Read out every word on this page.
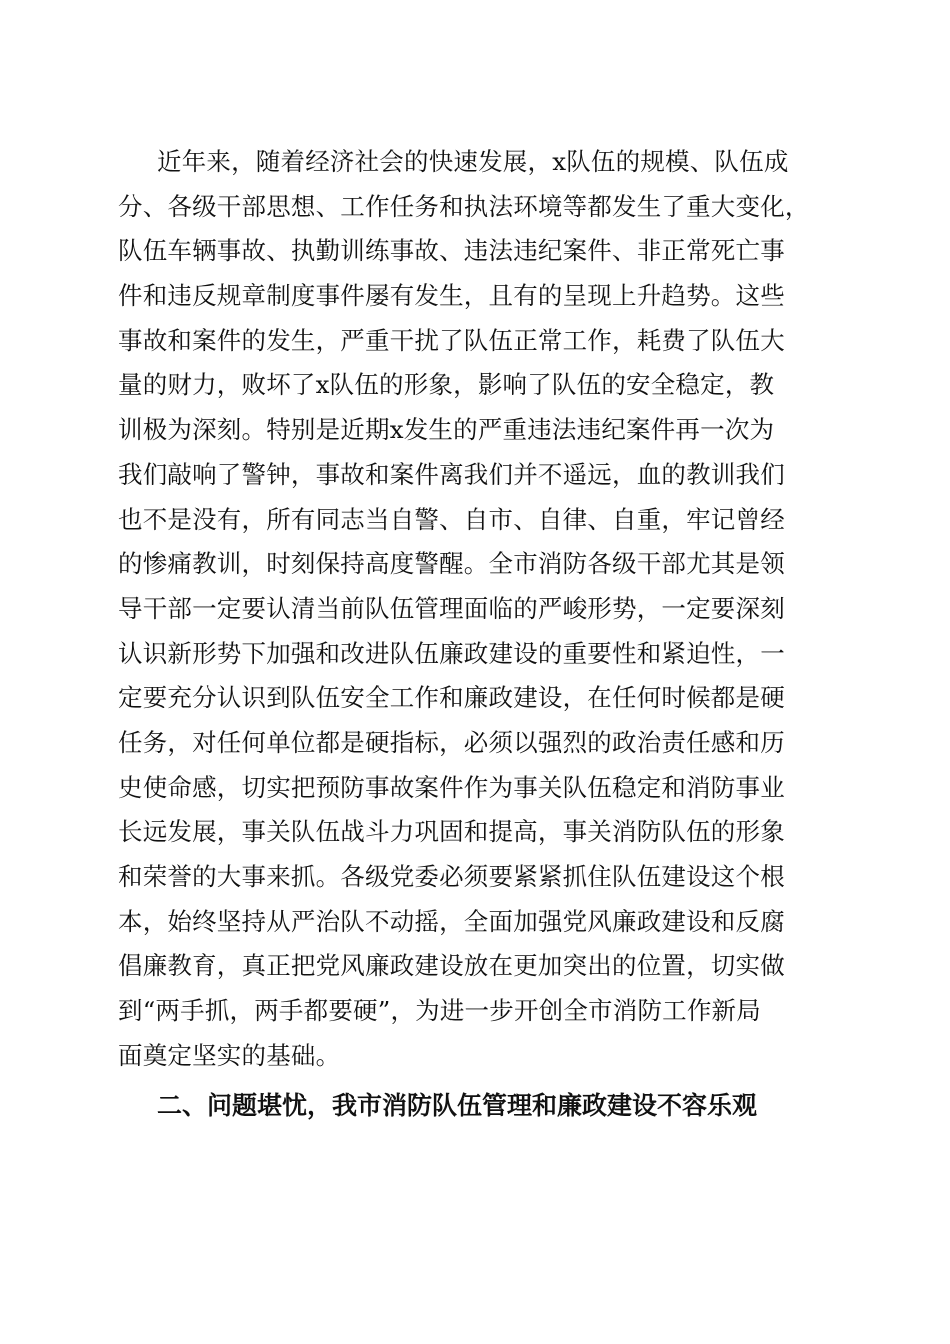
近年来，随着经济社会的快速发展，x队伍的规模、队伍成
分、各级干部思想、工作任务和执法环境等都发生了重大变化，
队伍车辆事故、执勤训练事故、违法违纪案件、非正常死亡事
件和违反规章制度事件屡有发生，且有的呈现上升趋势。这些
事故和案件的发生，严重干扰了队伍正常工作，耗费了队伍大
量的财力，败坏了x队伍的形象，影响了队伍的安全稳定，教
训极为深刻。特别是近期x发生的严重违法违纪案件再一次为
我们敲响了警钟，事故和案件离我们并不遥远，血的教训我们
也不是没有，所有同志当自警、自市、自律、自重，牢记曾经
的惨痛教训，时刻保持高度警醒。全市消防各级干部尤其是领
导干部一定要认清当前队伍管理面临的严峻形势，一定要深刻
认识新形势下加强和改进队伍廉政建设的重要性和紧迫性，一
定要充分认识到队伍安全工作和廉政建设，在任何时候都是硬
任务，对任何单位都是硬指标，必须以强烈的政治责任感和历
史使命感，切实把预防事故案件作为事关队伍稳定和消防事业
长远发展，事关队伍战斗力巩固和提高，事关消防队伍的形象
和荣誉的大事来抓。各级党委必须要紧紧抓住队伍建设这个根
本，始终坚持从严治队不动摇，全面加强党风廉政建设和反腐
倡廉教育，真正把党风廉政建设放在更加突出的位置，切实做
到“两手抓，两手都要硬”，为进一步开创全市消防工作新局
面奠定坚实的基础。
二、问题堪忧，我市消防队伍管理和廉政建设不容乐观
